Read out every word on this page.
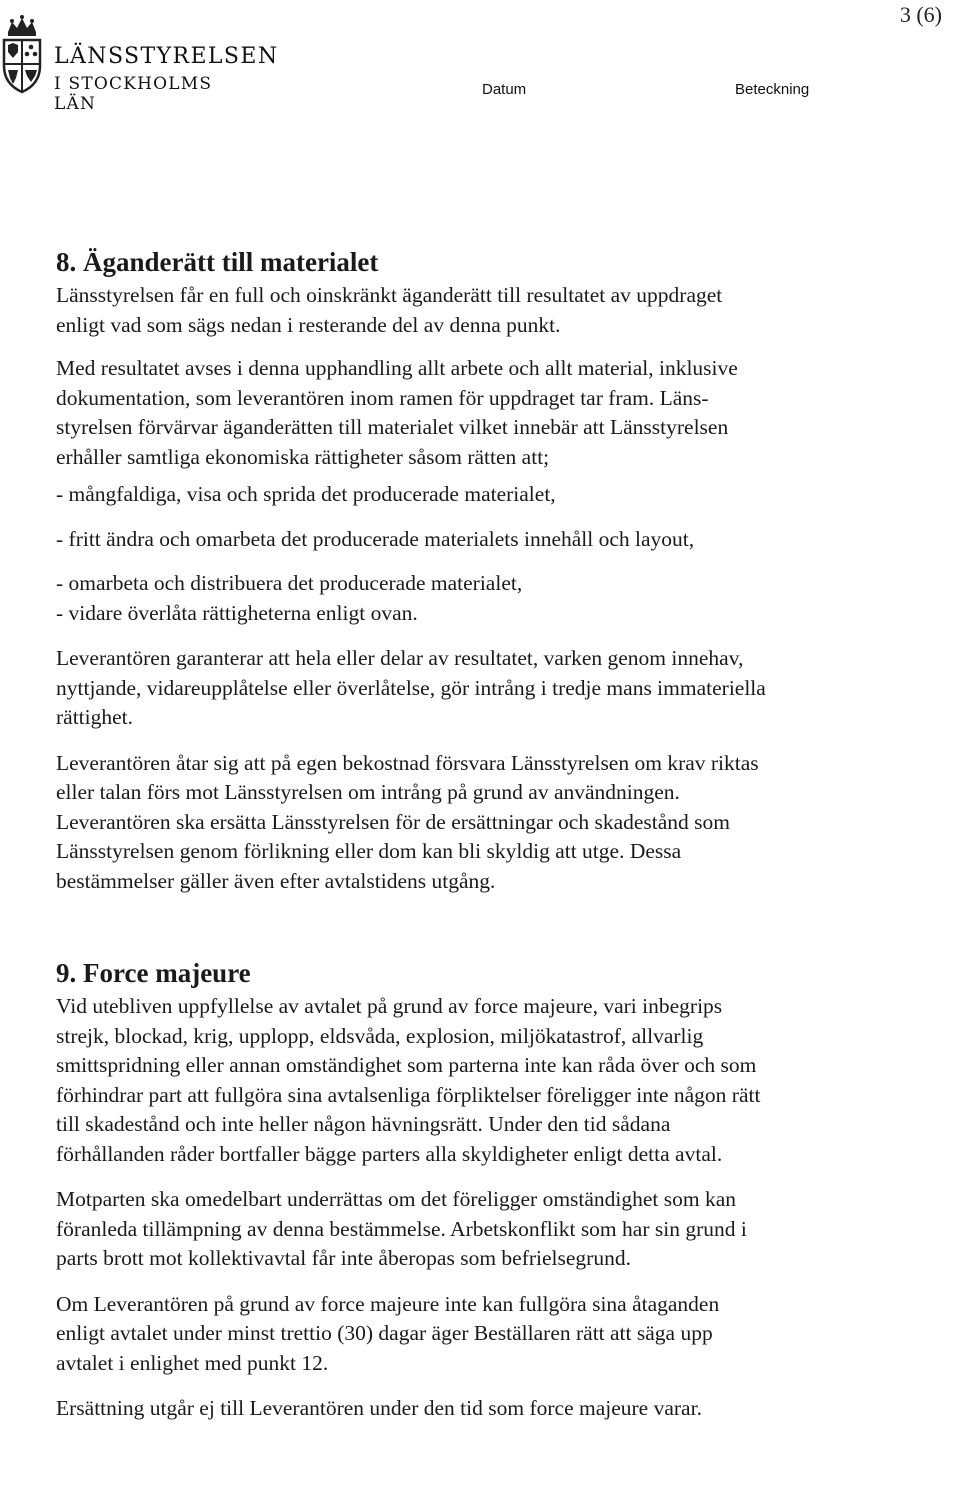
3 (6)
LÄNSSTYRELSEN
I STOCKHOLMS LÄN
Datum	Beteckning
8. Äganderätt till materialet

Länsstyrelsen får en full och oinskränkt äganderätt till resultatet av uppdraget

enligt vad som sägs nedan i resterande del av denna punkt.

Med resultatet avses i denna upphandling allt arbete och allt material, inklusive

dokumentation, som leverantören inom ramen för uppdraget tar fram. Läns-

styrelsen förvärvar äganderätten till materialet vilket innebär att Länsstyrelsen

erhåller samtliga ekonomiska rättigheter såsom rätten att;

- mångfaldiga, visa och sprida det producerade materialet,

- fritt ändra och omarbeta det producerade materialets innehåll och layout,

- omarbeta och distribuera det producerade materialet,

- vidare överlåta rättigheterna enligt ovan.

Leverantören garanterar att hela eller delar av resultatet, varken genom innehav,

nyttjande, vidareupplåtelse eller överlåtelse, gör intrång i tredje mans immateriella

rättighet.

Leverantören åtar sig att på egen bekostnad försvara Länsstyrelsen om krav riktas

eller talan förs mot Länsstyrelsen om intrång på grund av användningen.

Leverantören ska ersätta Länsstyrelsen för de ersättningar och skadestånd som

Länsstyrelsen genom förlikning eller dom kan bli skyldig att utge. Dessa

bestämmelser gäller även efter avtalstidens utgång.

9. Force majeure

Vid utebliven uppfyllelse av avtalet på grund av force majeure, vari inbegrips

strejk, blockad, krig, upplopp, eldsvåda, explosion, miljökatastrof, allvarlig

smittspridning eller annan omständighet som parterna inte kan råda över och som

förhindrar part att fullgöra sina avtalsenliga förpliktelser föreligger inte någon rätt

till skadestånd och inte heller någon hävningsrätt. Under den tid sådana

förhållanden råder bortfaller bägge parters alla skyldigheter enligt detta avtal.

Motparten ska omedelbart underrättas om det föreligger omständighet som kan

föranleda tillämpning av denna bestämmelse. Arbetskonflikt som har sin grund i

parts brott mot kollektivavtal får inte åberopas som befrielsegrund.

Om Leverantören på grund av force majeure inte kan fullgöra sina åtaganden

enligt avtalet under minst trettio (30) dagar äger Beställaren rätt att säga upp

avtalet i enlighet med punkt 12.

Ersättning utgår ej till Leverantören under den tid som force majeure varar.
